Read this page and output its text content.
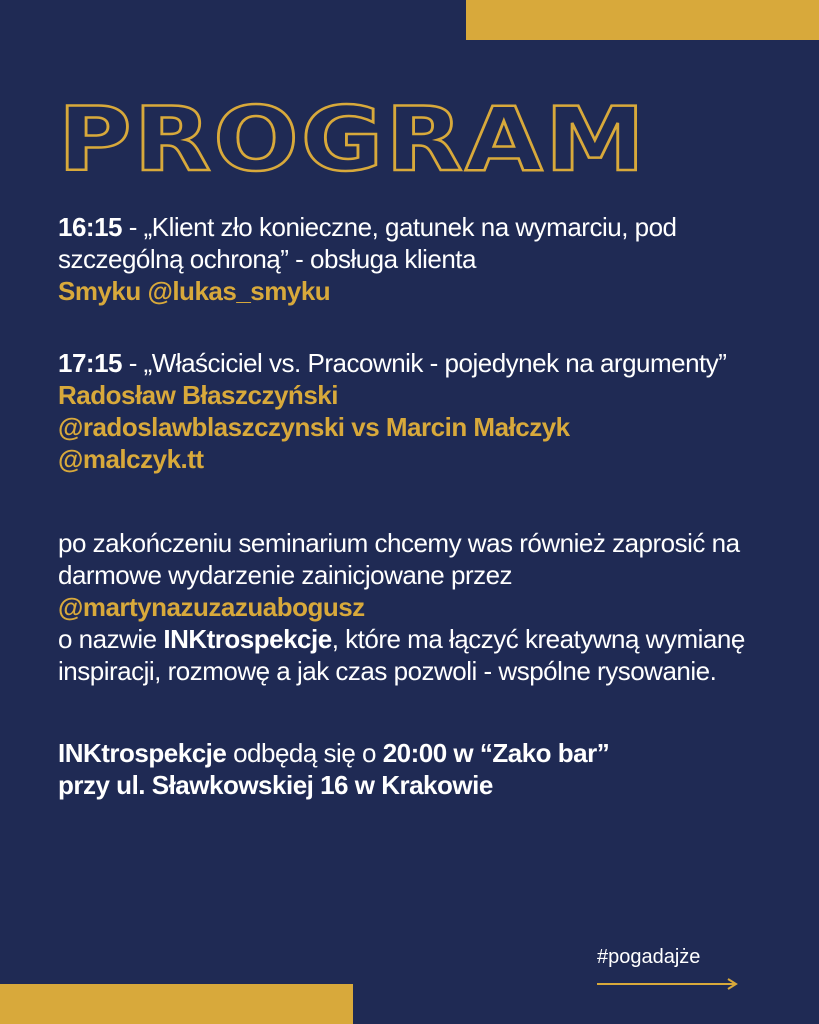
PROGRAM

16:15 - „Klient zło konieczne, gatunek na wymarciu, pod szczególną ochroną” - obsługa klienta

Smyku @lukas_smyku

17:15 - „Właściciel vs. Pracownik - pojedynek na argumenty”

Radosław Błaszczyński

@radoslawblaszczynski vs Marcin Małczyk

@malczyk.tt

po zakończeniu seminarium chcemy was również zaprosić na darmowe wydarzenie zainicjowane przez

@martynazuzazuabogusz

o nazwie INKtrospekcje, które ma łączyć kreatywną wymianę inspiracji, rozmowę a jak czas pozwoli - wspólne rysowanie.

INKtrospekcje odbędą się o 20:00 w “Zako bar”

przy ul. Sławkowskiej 16 w Krakowie

#pogadajże
